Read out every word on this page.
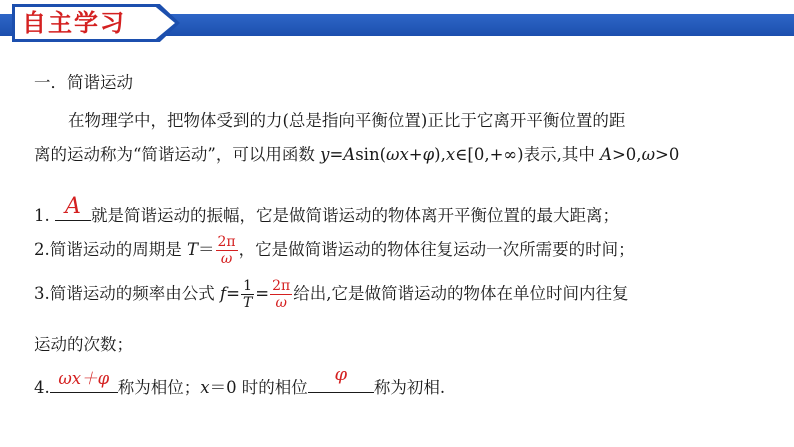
自主学习
一．简谐运动
在物理学中，把物体受到的力(总是指向平衡位置)正比于它离开平衡位置的距
离的运动称为“简谐运动”，可以用函数 y=Asin(ωx+φ),x∈[0,+∞)表示,其中 A>0,ω>0
1. A 就是简谐运动的振幅，它是做简谐运动的物体离开平衡位置的最大距离；
2.简谐运动的周期是 $T= \frac{2\pi}{\omega}$ ，它是做简谐运动的物体往复运动一次所需要的时间；
3.简谐运动的频率由公式 $f= \frac{1}{T} = \frac{2\pi}{\omega}$ 给出,它是做简谐运动的物体在单位时间内往复
运动的次数；
4. ωx＋φ 称为相位；x＝0 时的相位
φ
称为初相.
